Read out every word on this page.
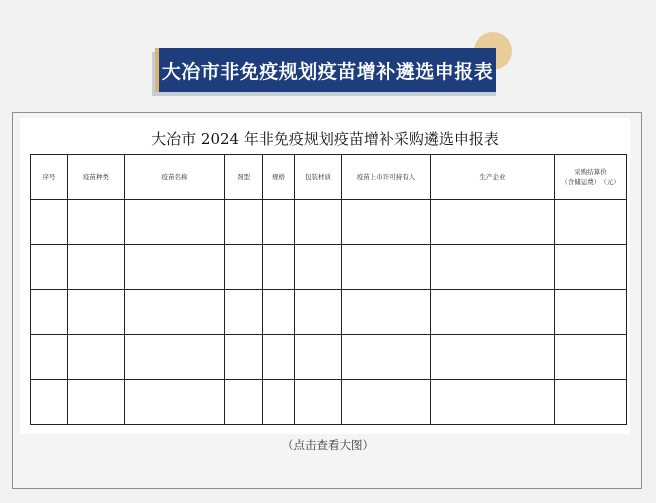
大冶市非免疫规划疫苗增补遴选申报表
大冶市 2024 年非免疫规划疫苗增补采购遴选申报表
序号	疫苗种类	疫苗名称	剂型	规格	包装材质	疫苗上市许可持有人	生产企业	采购结算价
（含储运费）　（元）

（点击查看大图）
